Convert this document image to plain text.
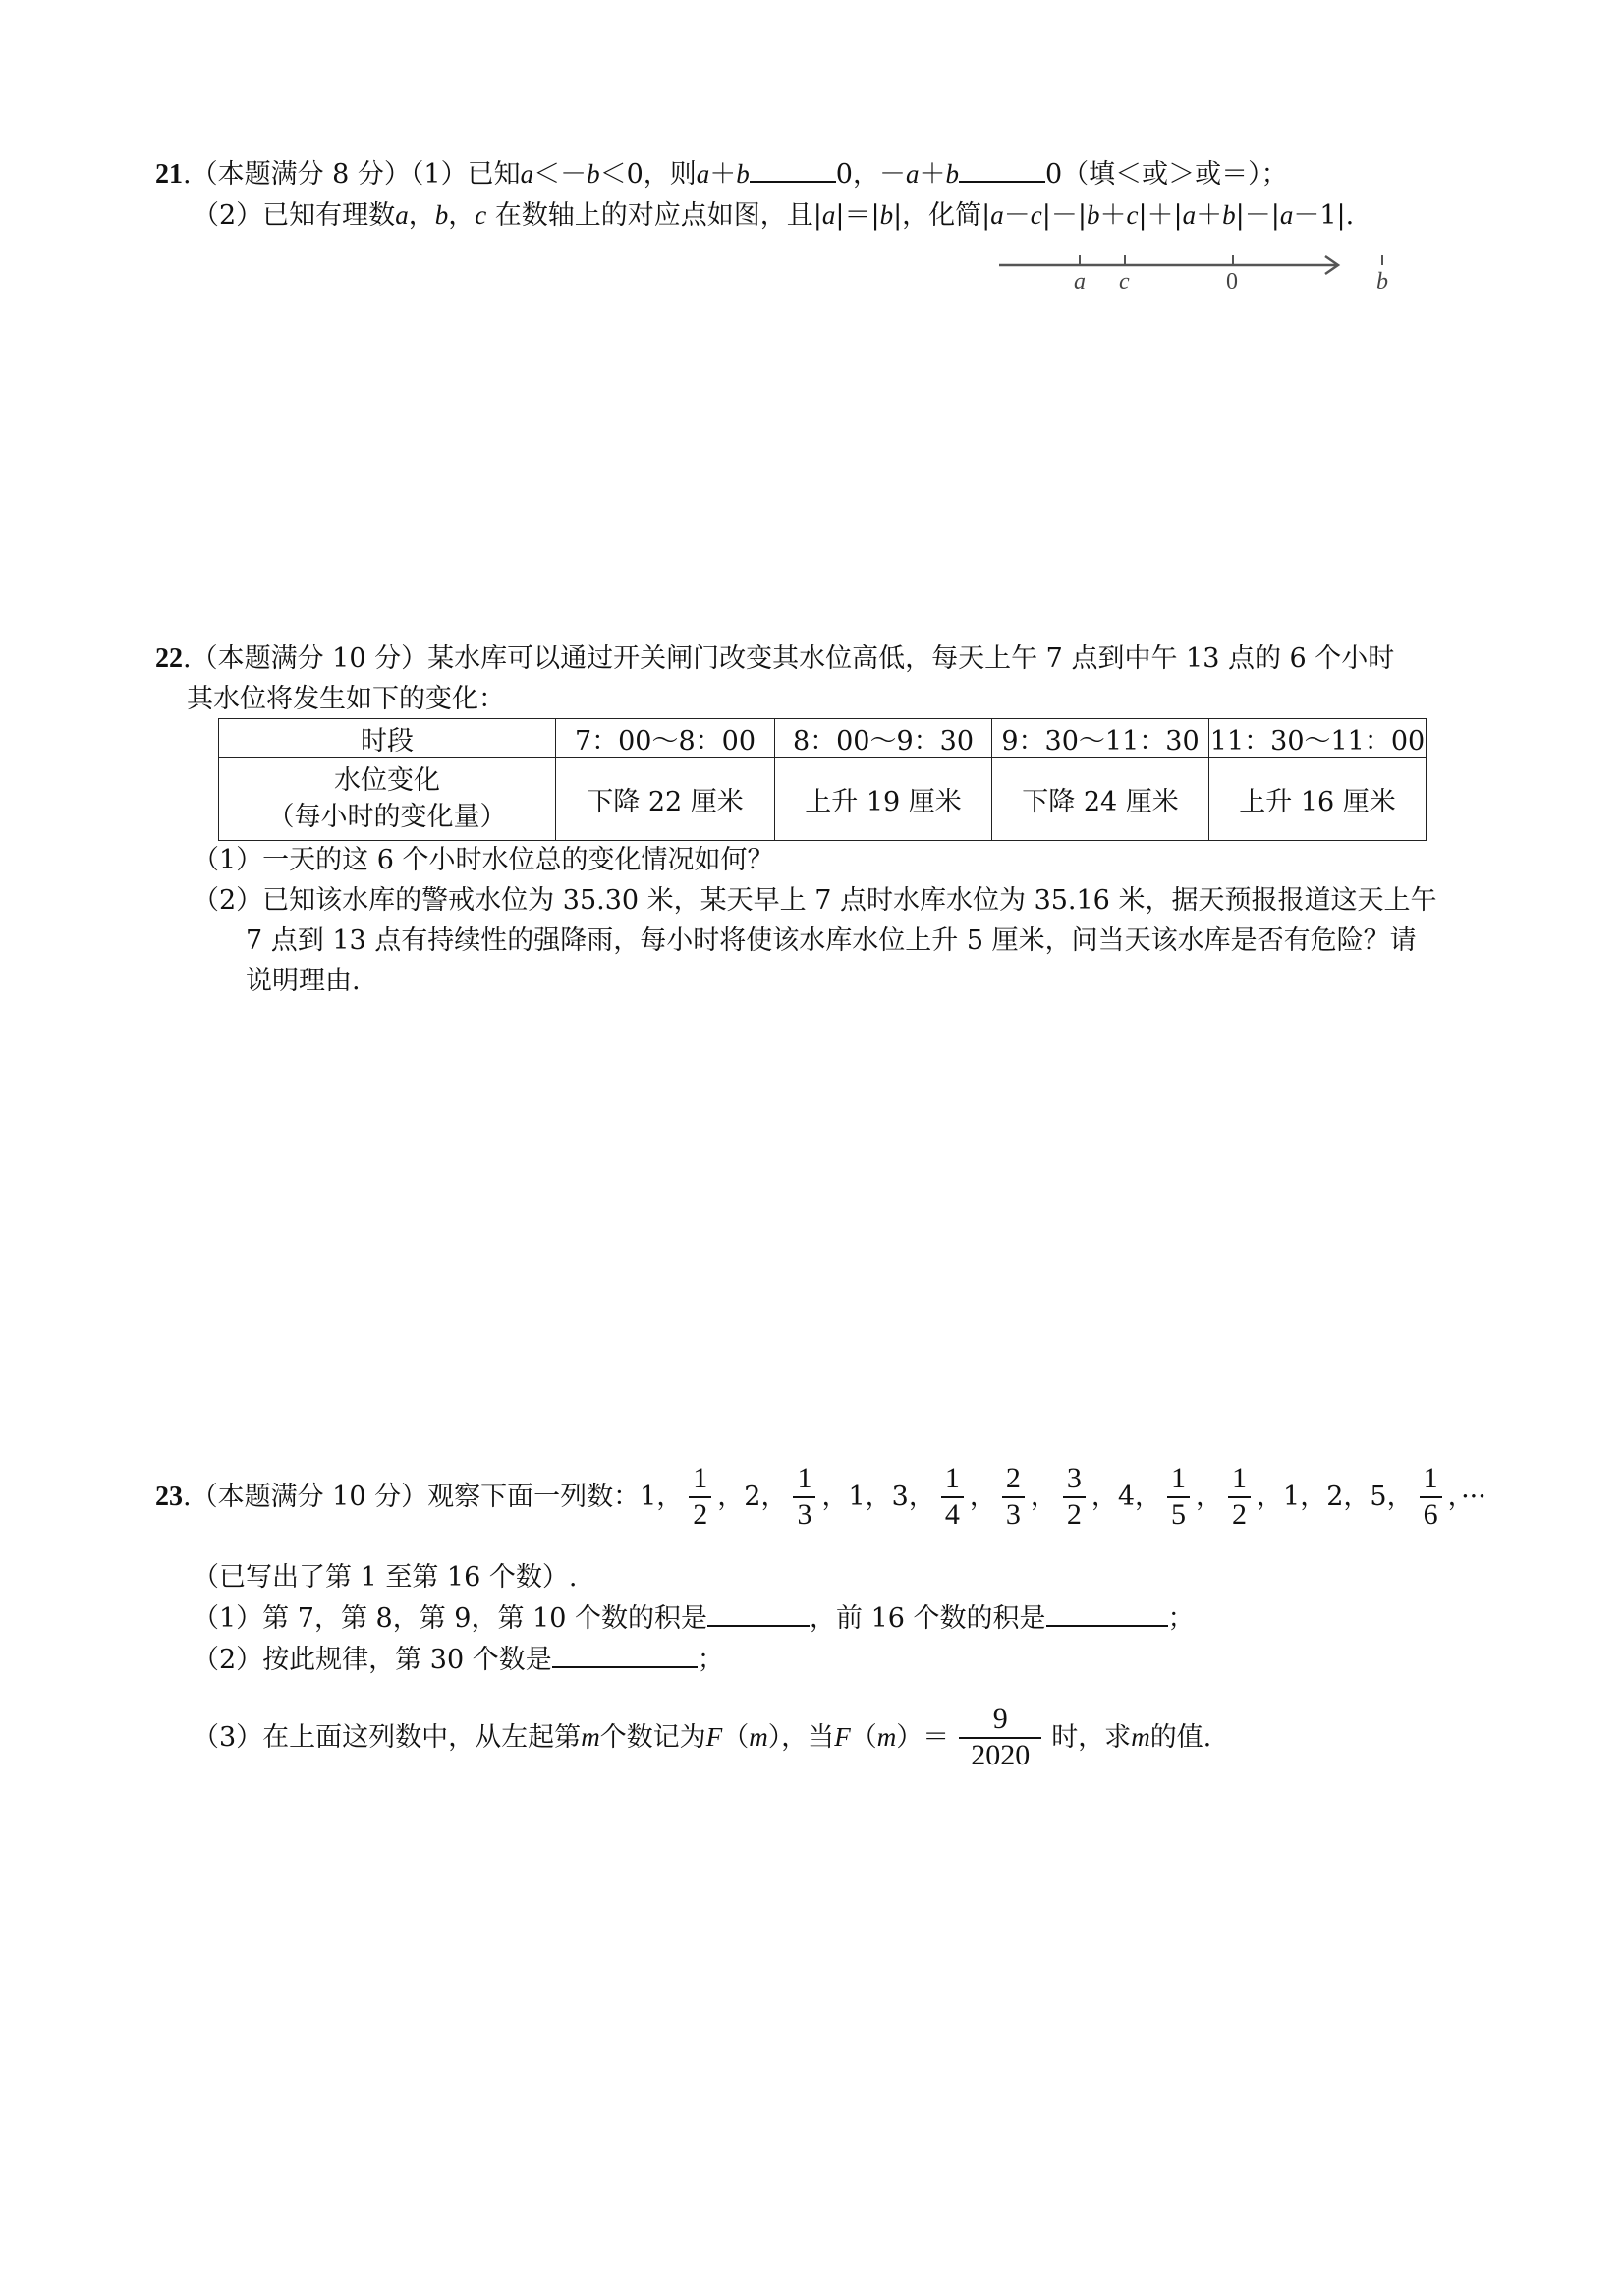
21.（本题满分 8 分）（1）已知a＜－b＜0，则a＋b	0，－a＋b	0（填＜或＞或＝）；
（2）已知有理数a，b，c 在数轴上的对应点如图，且|a|＝|b|，化简|a－c|－|b＋c|＋|a＋b|－|a－1|.
a c	0	b
22.（本题满分 10 分）某水库可以通过开关闸门改变其水位高低，每天上午 7 点到中午 13 点的 6 个小时
其水位将发生如下的变化：
时段	7：00～8：00	8：00～9：30	9：30～11：30	11：30～11：00
水位变化
（每小时的变化量）	下降 22 厘米	上升 19 厘米	下降 24 厘米	上升 16 厘米
（1）一天的这 6 个小时水位总的变化情况如何？
（2）已知该水库的警戒水位为 35.30 米，某天早上 7 点时水库水位为 35.16 米，据天预报报道这天上午
7 点到 13 点有持续性的强降雨，每小时将使该水库水位上升 5 厘米，问当天该水库是否有危险？请
说明理由.
23 .（本题满分 10 分）观察下面一列数： 1， $\frac{1}{2}$ ，2， $\frac{1}{3}$ ，1，3， $\frac{1}{4}$ ， $\frac{2}{3}$ ， $\frac{3}{2}$ ，4， $\frac{1}{5}$ ， $\frac{1}{2}$ ，1，2，5， $\frac{1}{6}$ ，···
（已写出了第 1 至第 16 个数）.
（1）第 7，第 8，第 9，第 10 个数的积是	，前 16 个数的积是	；
（2）按此规律，第 30 个数是	；
（3）在上面这列数中，从左起第 m 个数记为 F （ m ），当 F （ m ）＝ $\frac{9}{2020}$ 时，求 m 的值.
